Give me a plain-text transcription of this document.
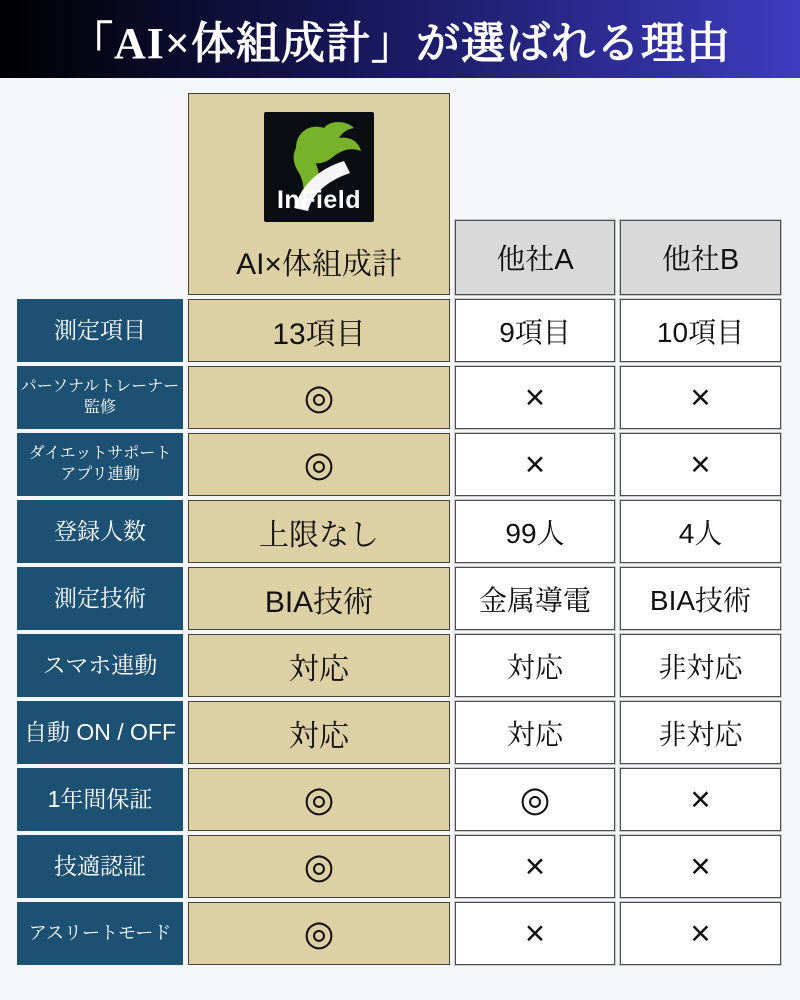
「AI×体組成計」が選ばれる理由
InField
AI×体組成計	他社A	他社B
測定項目	13項目	9項目	10項目
パーソナルトレーナー
監修	◎	×	×
ダイエットサポート
アプリ連動	◎	×	×
登録人数	上限なし	99人	4人
測定技術	BIA技術	金属導電	BIA技術
スマホ連動	対応	対応	非対応
自動 ON / OFF	対応	対応	非対応
1年間保証	◎	◎	×
技適認証	◎	×	×
アスリートモード	◎	×	×
